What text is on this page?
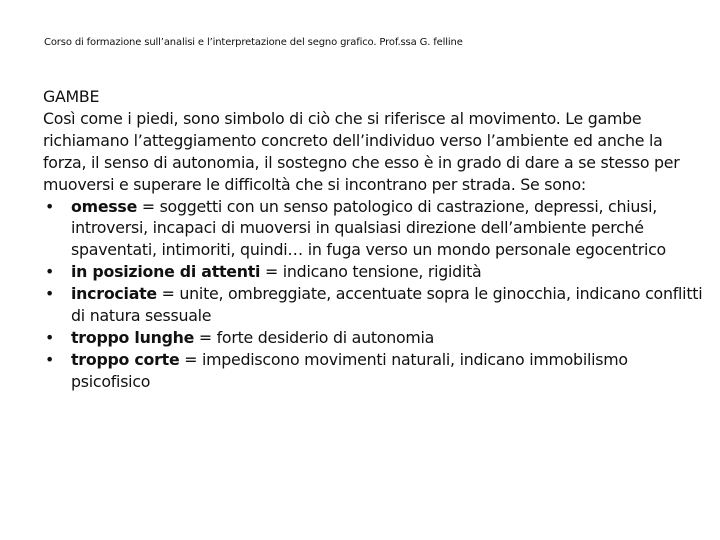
Corso di formazione sull’analisi e l’interpretazione del segno grafico. Prof.ssa G. felline
GAMBE
Così come i piedi, sono simbolo di ciò che si riferisce al movimento. Le gambe richiamano l’atteggiamento concreto dell’individuo verso l’ambiente ed anche la forza, il senso di autonomia, il sostegno che esso è in grado di dare a se stesso per muoversi e superare le difficoltà che si incontrano per strada. Se sono:
• omesse = soggetti con un senso patologico di castrazione, depressi, chiusi, introversi, incapaci di muoversi in qualsiasi direzione dell’ambiente perché spaventati, intimoriti, quindi… in fuga verso un mondo personale egocentrico
• in posizione di attenti = indicano tensione, rigidità
• incrociate = unite, ombreggiate, accentuate sopra le ginocchia, indicano conflitti di natura sessuale
• troppo lunghe = forte desiderio di autonomia
• troppo corte = impediscono movimenti naturali, indicano immobilismo psicofisico
